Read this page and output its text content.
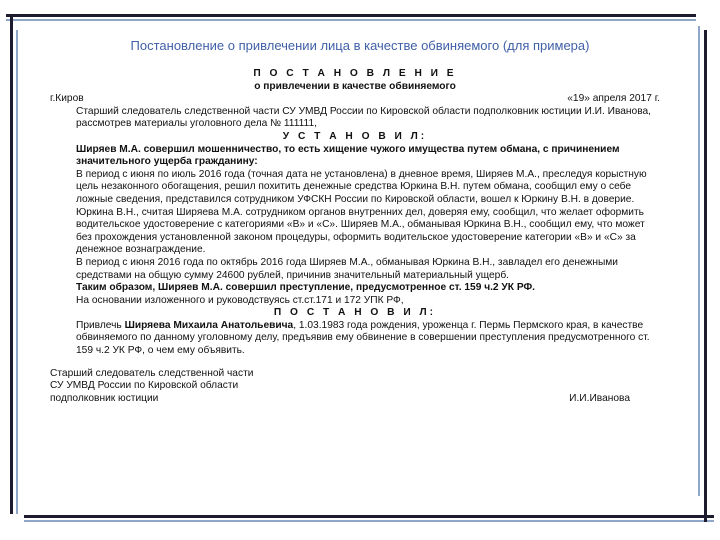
Постановление о привлечении лица в качестве обвиняемого (для примера)
П О С Т А Н О В Л Е Н И Е
о привлечении в качестве обвиняемого
г.Киров	«19» апреля 2017 г.
Старший следователь следственной части СУ УМВД России по Кировской области подполковник юстиции И.И. Иванова, рассмотрев материалы уголовного дела № 111111,
У С Т А Н О В И Л:
Ширяев М.А. совершил мошенничество, то есть хищение чужого имущества путем обмана, с причинением значительного ущерба гражданину:
В период с июня по июль 2016 года (точная дата не установлена) в дневное время, Ширяев М.А., преследуя корыстную цель незаконного обогащения, решил похитить денежные средства Юркина В.Н. путем обмана, сообщил ему о себе ложные сведения, представился сотрудником УФСКН России по Кировской области, вошел к Юркину В.Н. в доверие. Юркина В.Н., считая Ширяева М.А. сотрудником органов внутренних дел, доверяя ему, сообщил, что желает оформить водительское удостоверение с категориями «В» и «С». Ширяев М.А., обманывая Юркина В.Н., сообщил ему, что может без прохождения установленной законом процедуры, оформить водительское удостоверение категории «В» и «С» за денежное вознаграждение.
В период с июня 2016 года по октябрь 2016 года Ширяев М.А., обманывая Юркина В.Н., завладел его денежными средствами на общую сумму 24600 рублей, причинив значительный материальный ущерб.
Таким образом, Ширяев М.А. совершил преступление, предусмотренное ст. 159 ч.2 УК РФ.
На основании изложенного и руководствуясь ст.ст.171 и 172 УПК РФ,
П О С Т А Н О В И Л:
Привлечь Ширяева Михаила Анатольевича, 1.03.1983 года рождения, уроженца г. Пермь Пермского края, в качестве обвиняемого по данному уголовному делу, предъявив ему обвинение в совершении преступления предусмотренного ст. 159 ч.2 УК РФ, о чем ему объявить.
Старший следователь следственной части
СУ УМВД России по Кировской области
подполковник юстиции	И.И.Иванова
